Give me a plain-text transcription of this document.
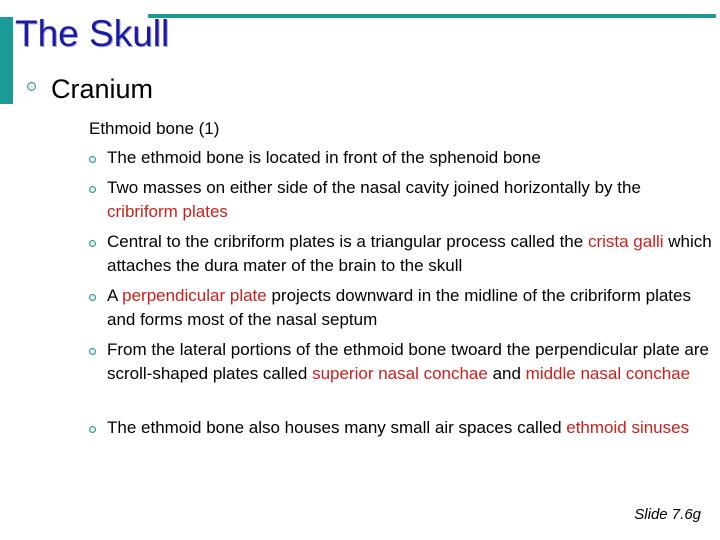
The Skull
Cranium
Ethmoid bone (1)
The ethmoid bone is located in front of the sphenoid bone
Two masses on either side of the nasal cavity joined horizontally by the cribriform plates
Central to the cribriform plates is a triangular process called the crista galli which attaches the dura mater of the brain to the skull
A perpendicular plate projects downward in the midline of the cribriform plates and forms most of the nasal septum
From the lateral portions of the ethmoid bone twoard the perpendicular plate are scroll-shaped plates called superior nasal conchae and middle nasal conchae
The ethmoid bone also houses many small air spaces called ethmoid sinuses
Slide 7.6g
